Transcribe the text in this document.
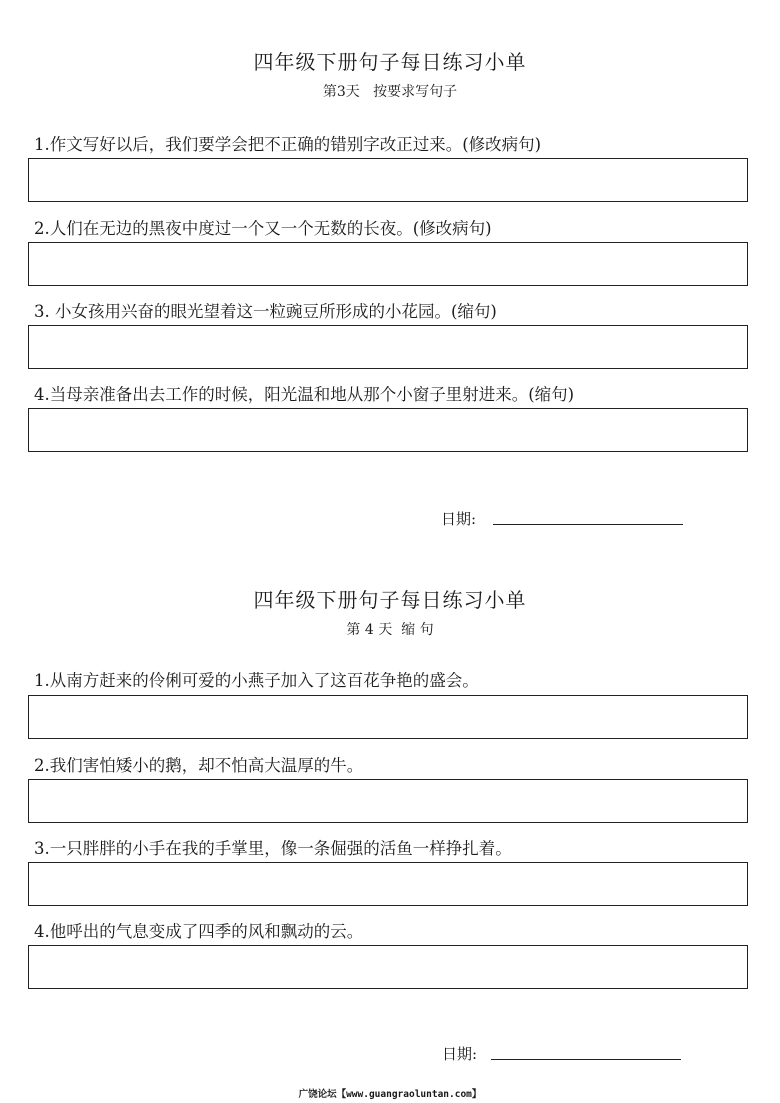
四年级下册句子每日练习小单
第3天   按要求写句子
1.作文写好以后，我们要学会把不正确的错别字改正过来。(修改病句)
2.人们在无边的黑夜中度过一个又一个无数的长夜。(修改病句)
3. 小女孩用兴奋的眼光望着这一粒豌豆所形成的小花园。(缩句)
4.当母亲准备出去工作的时候，阳光温和地从那个小窗子里射进来。(缩句)
日期:
四年级下册句子每日练习小单
第 4 天  缩 句
1.从南方赶来的伶俐可爱的小燕子加入了这百花争艳的盛会。
2.我们害怕矮小的鹅，却不怕高大温厚的牛。
3.一只胖胖的小手在我的手掌里，像一条倔强的活鱼一样挣扎着。
4.他呼出的气息变成了四季的风和飘动的云。
日期:
广饶论坛【www.guangraoluntan.com】
